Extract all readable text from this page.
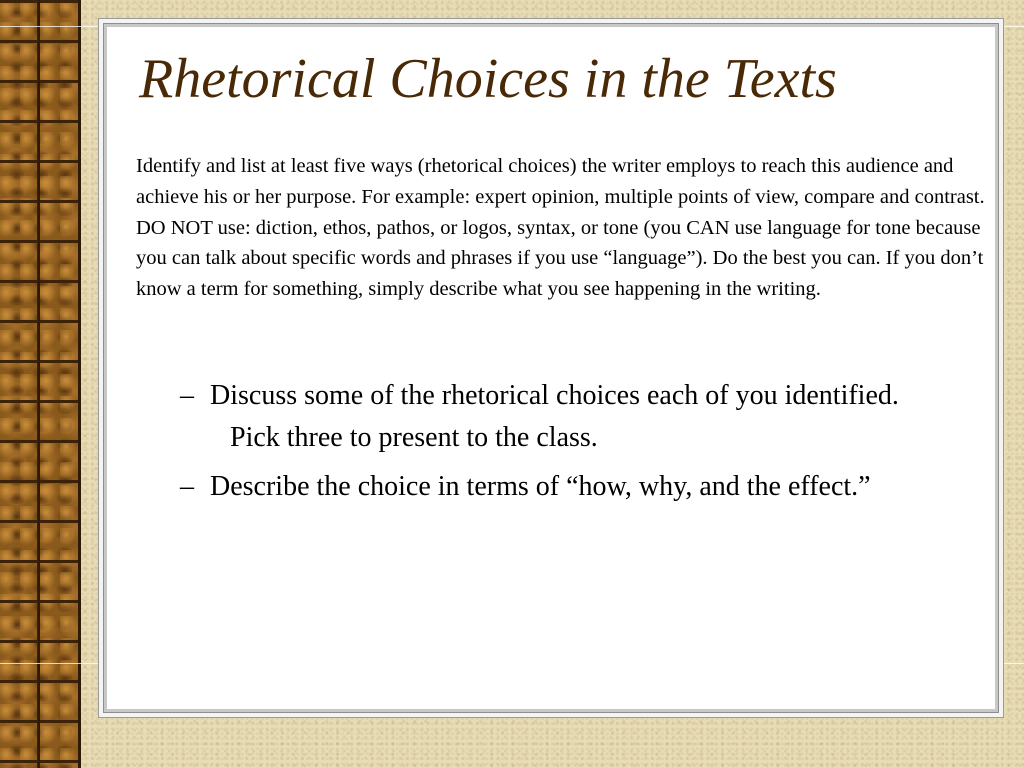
Rhetorical Choices in the Texts

Identify and list at least five ways (rhetorical choices) the writer employs to reach this audience and achieve his or her purpose. For example: expert opinion, multiple points of view, compare and contrast. DO NOT use: diction, ethos, pathos, or logos, syntax, or tone (you CAN use language for tone because you can talk about specific words and phrases if you use “language”). Do the best you can. If you don’t know a term for something, simply describe what you see happening in the writing.

– Discuss some of the rhetorical choices each of you identified. Pick three to present to the class.
– Describe the choice in terms of “how, why, and the effect.”
